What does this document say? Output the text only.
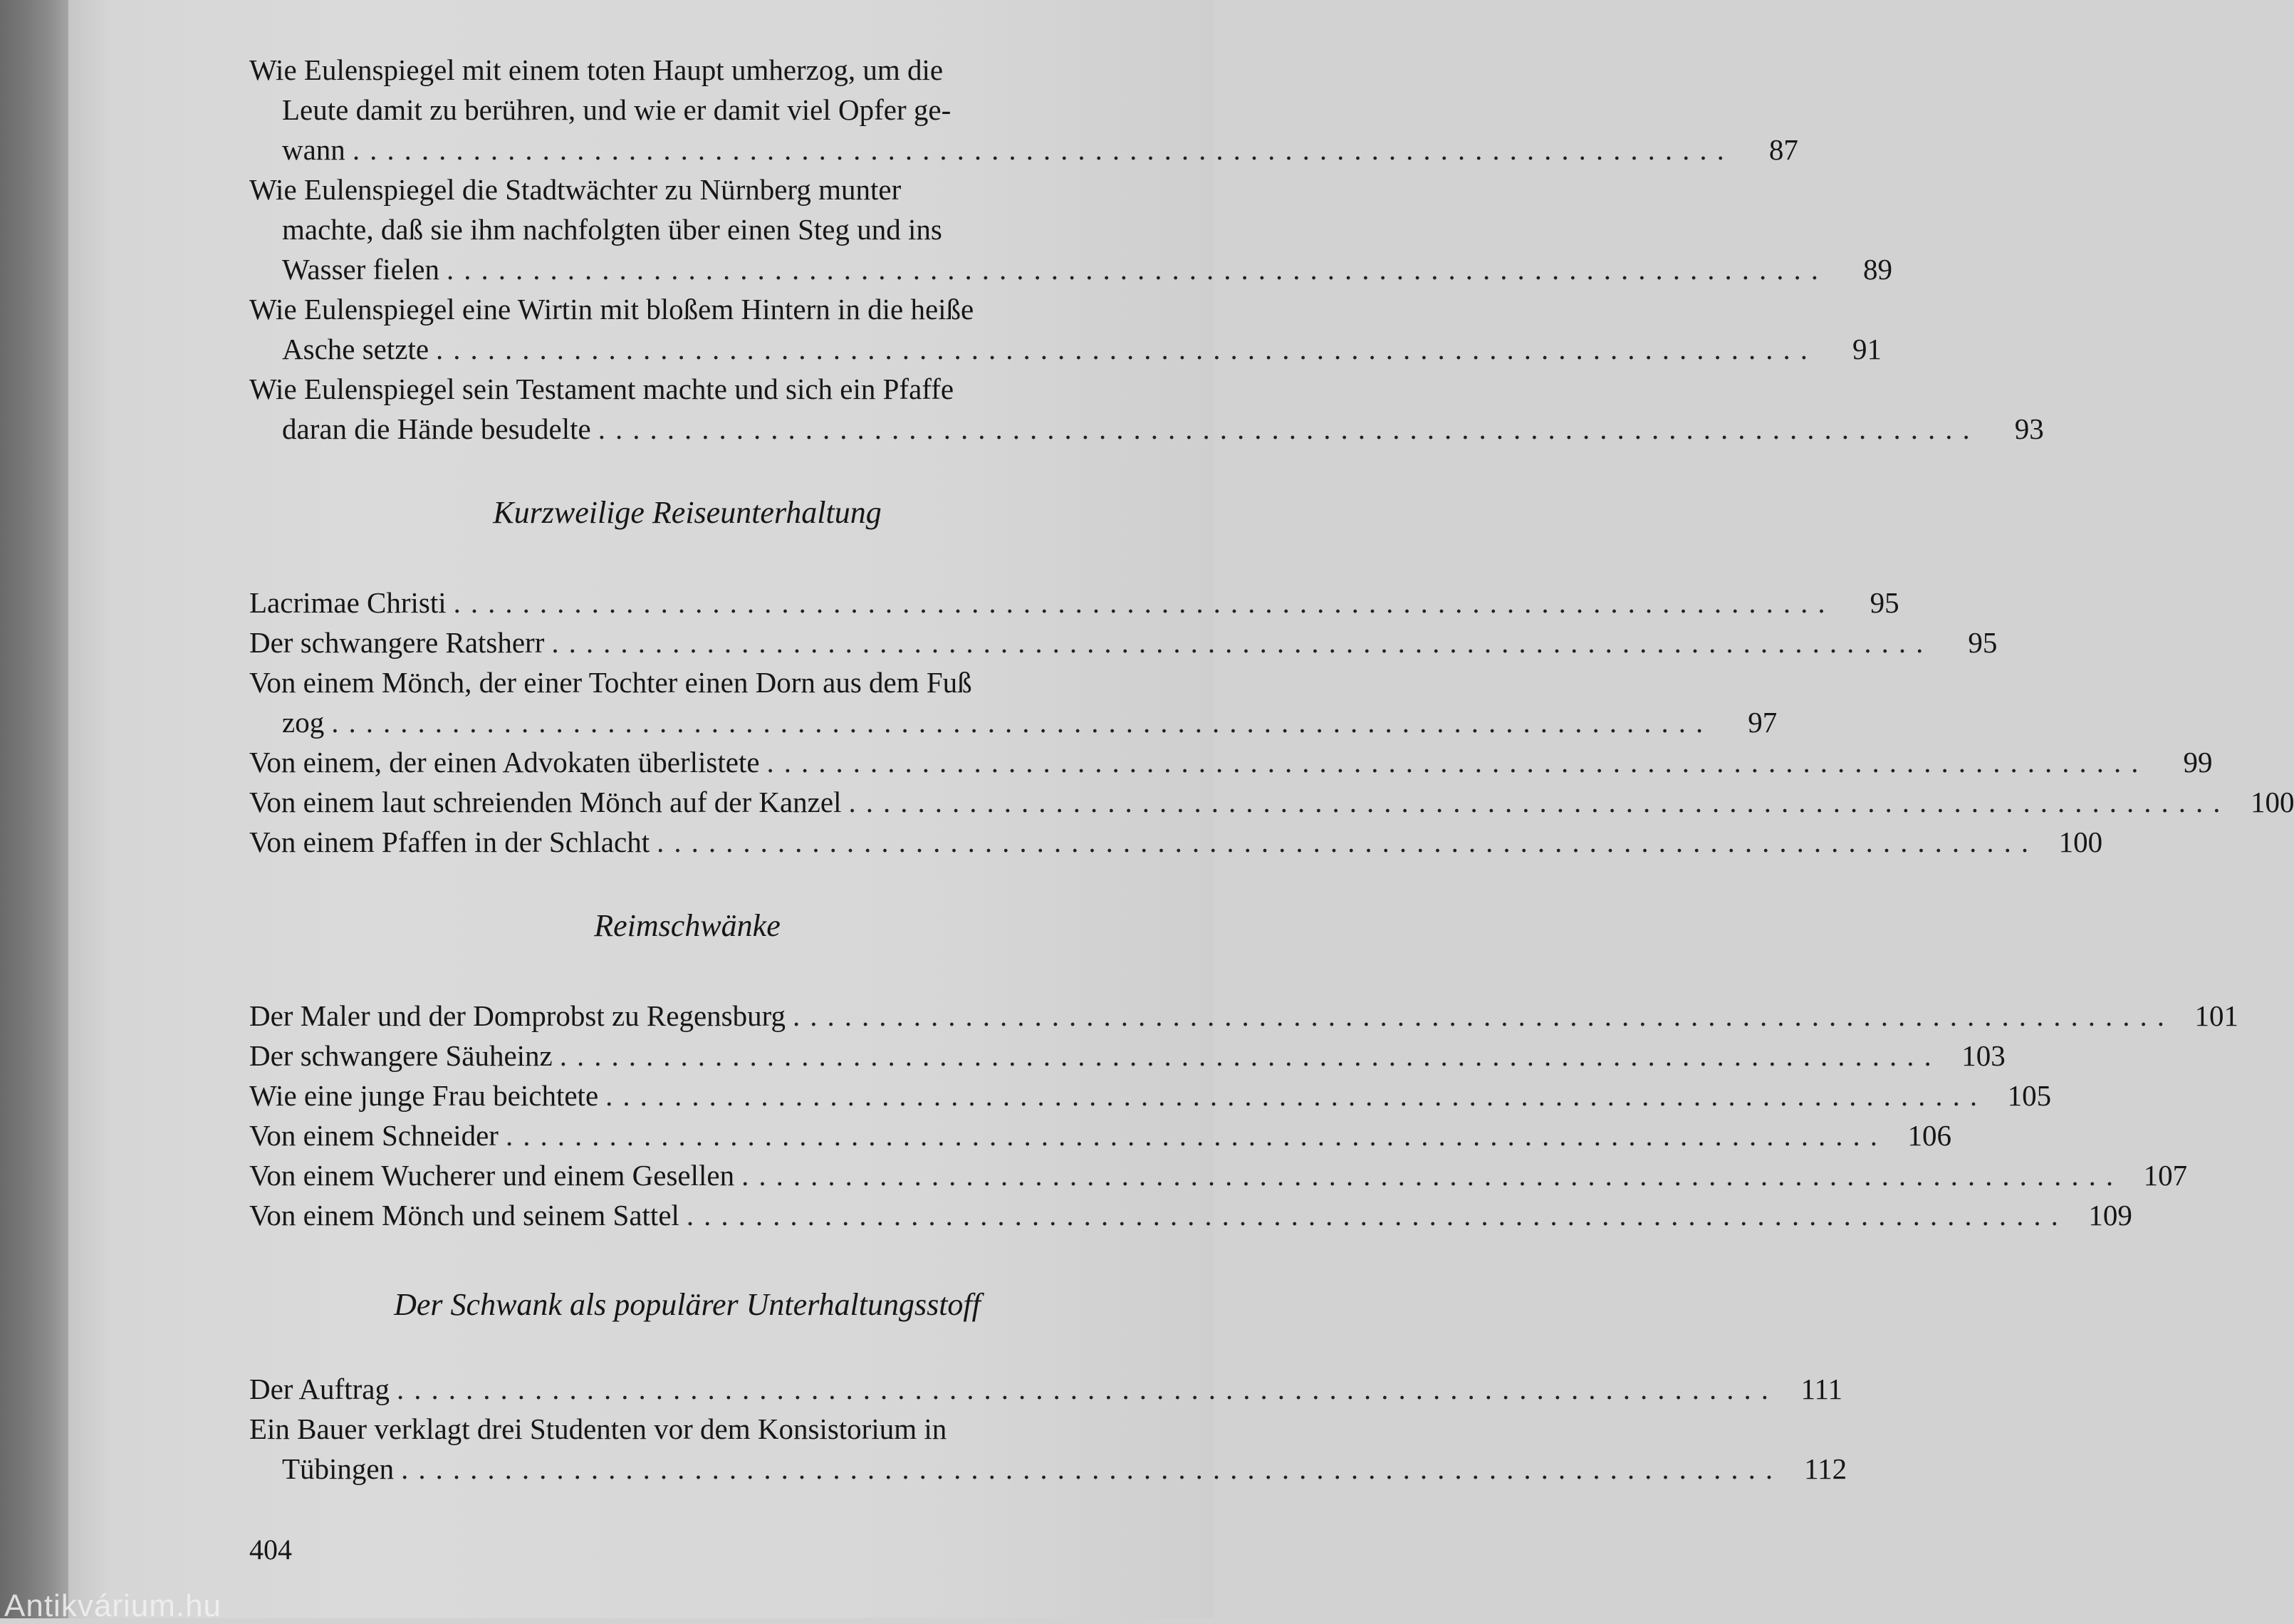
Wie Eulenspiegel mit einem toten Haupt umherzog, um die
Leute damit zu berühren, und wie er damit viel Opfer ge-
wann ................................................................................	87
Wie Eulenspiegel die Stadtwächter zu Nürnberg munter
machte, daß sie ihm nachfolgten über einen Steg und ins
Wasser fielen ................................................................................	89
Wie Eulenspiegel eine Wirtin mit bloßem Hintern in die heiße
Asche setzte ................................................................................	91
Wie Eulenspiegel sein Testament machte und sich ein Pfaffe
daran die Hände besudelte ................................................................................	93
Kurzweilige Reiseunterhaltung
Lacrimae Christi ................................................................................	95
Der schwangere Ratsherr ................................................................................	95
Von einem Mönch, der einer Tochter einen Dorn aus dem Fuß
zog ................................................................................	97
Von einem, der einen Advokaten überlistete ................................................................................	99
Von einem laut schreienden Mönch auf der Kanzel ................................................................................ 100
Von einem Pfaffen in der Schlacht ................................................................................ 100
Reimschwänke
Der Maler und der Domprobst zu Regensburg ................................................................................ 101
Der schwangere Säuheinz ................................................................................ 103
Wie eine junge Frau beichtete ................................................................................ 105
Von einem Schneider ................................................................................ 106
Von einem Wucherer und einem Gesellen ................................................................................ 107
Von einem Mönch und seinem Sattel ................................................................................ 109
Der Schwank als populärer Unterhaltungsstoff
Der Auftrag ................................................................................ 111
Ein Bauer verklagt drei Studenten vor dem Konsistorium in
Tübingen ................................................................................ 112
404
Antikvárium.hu
